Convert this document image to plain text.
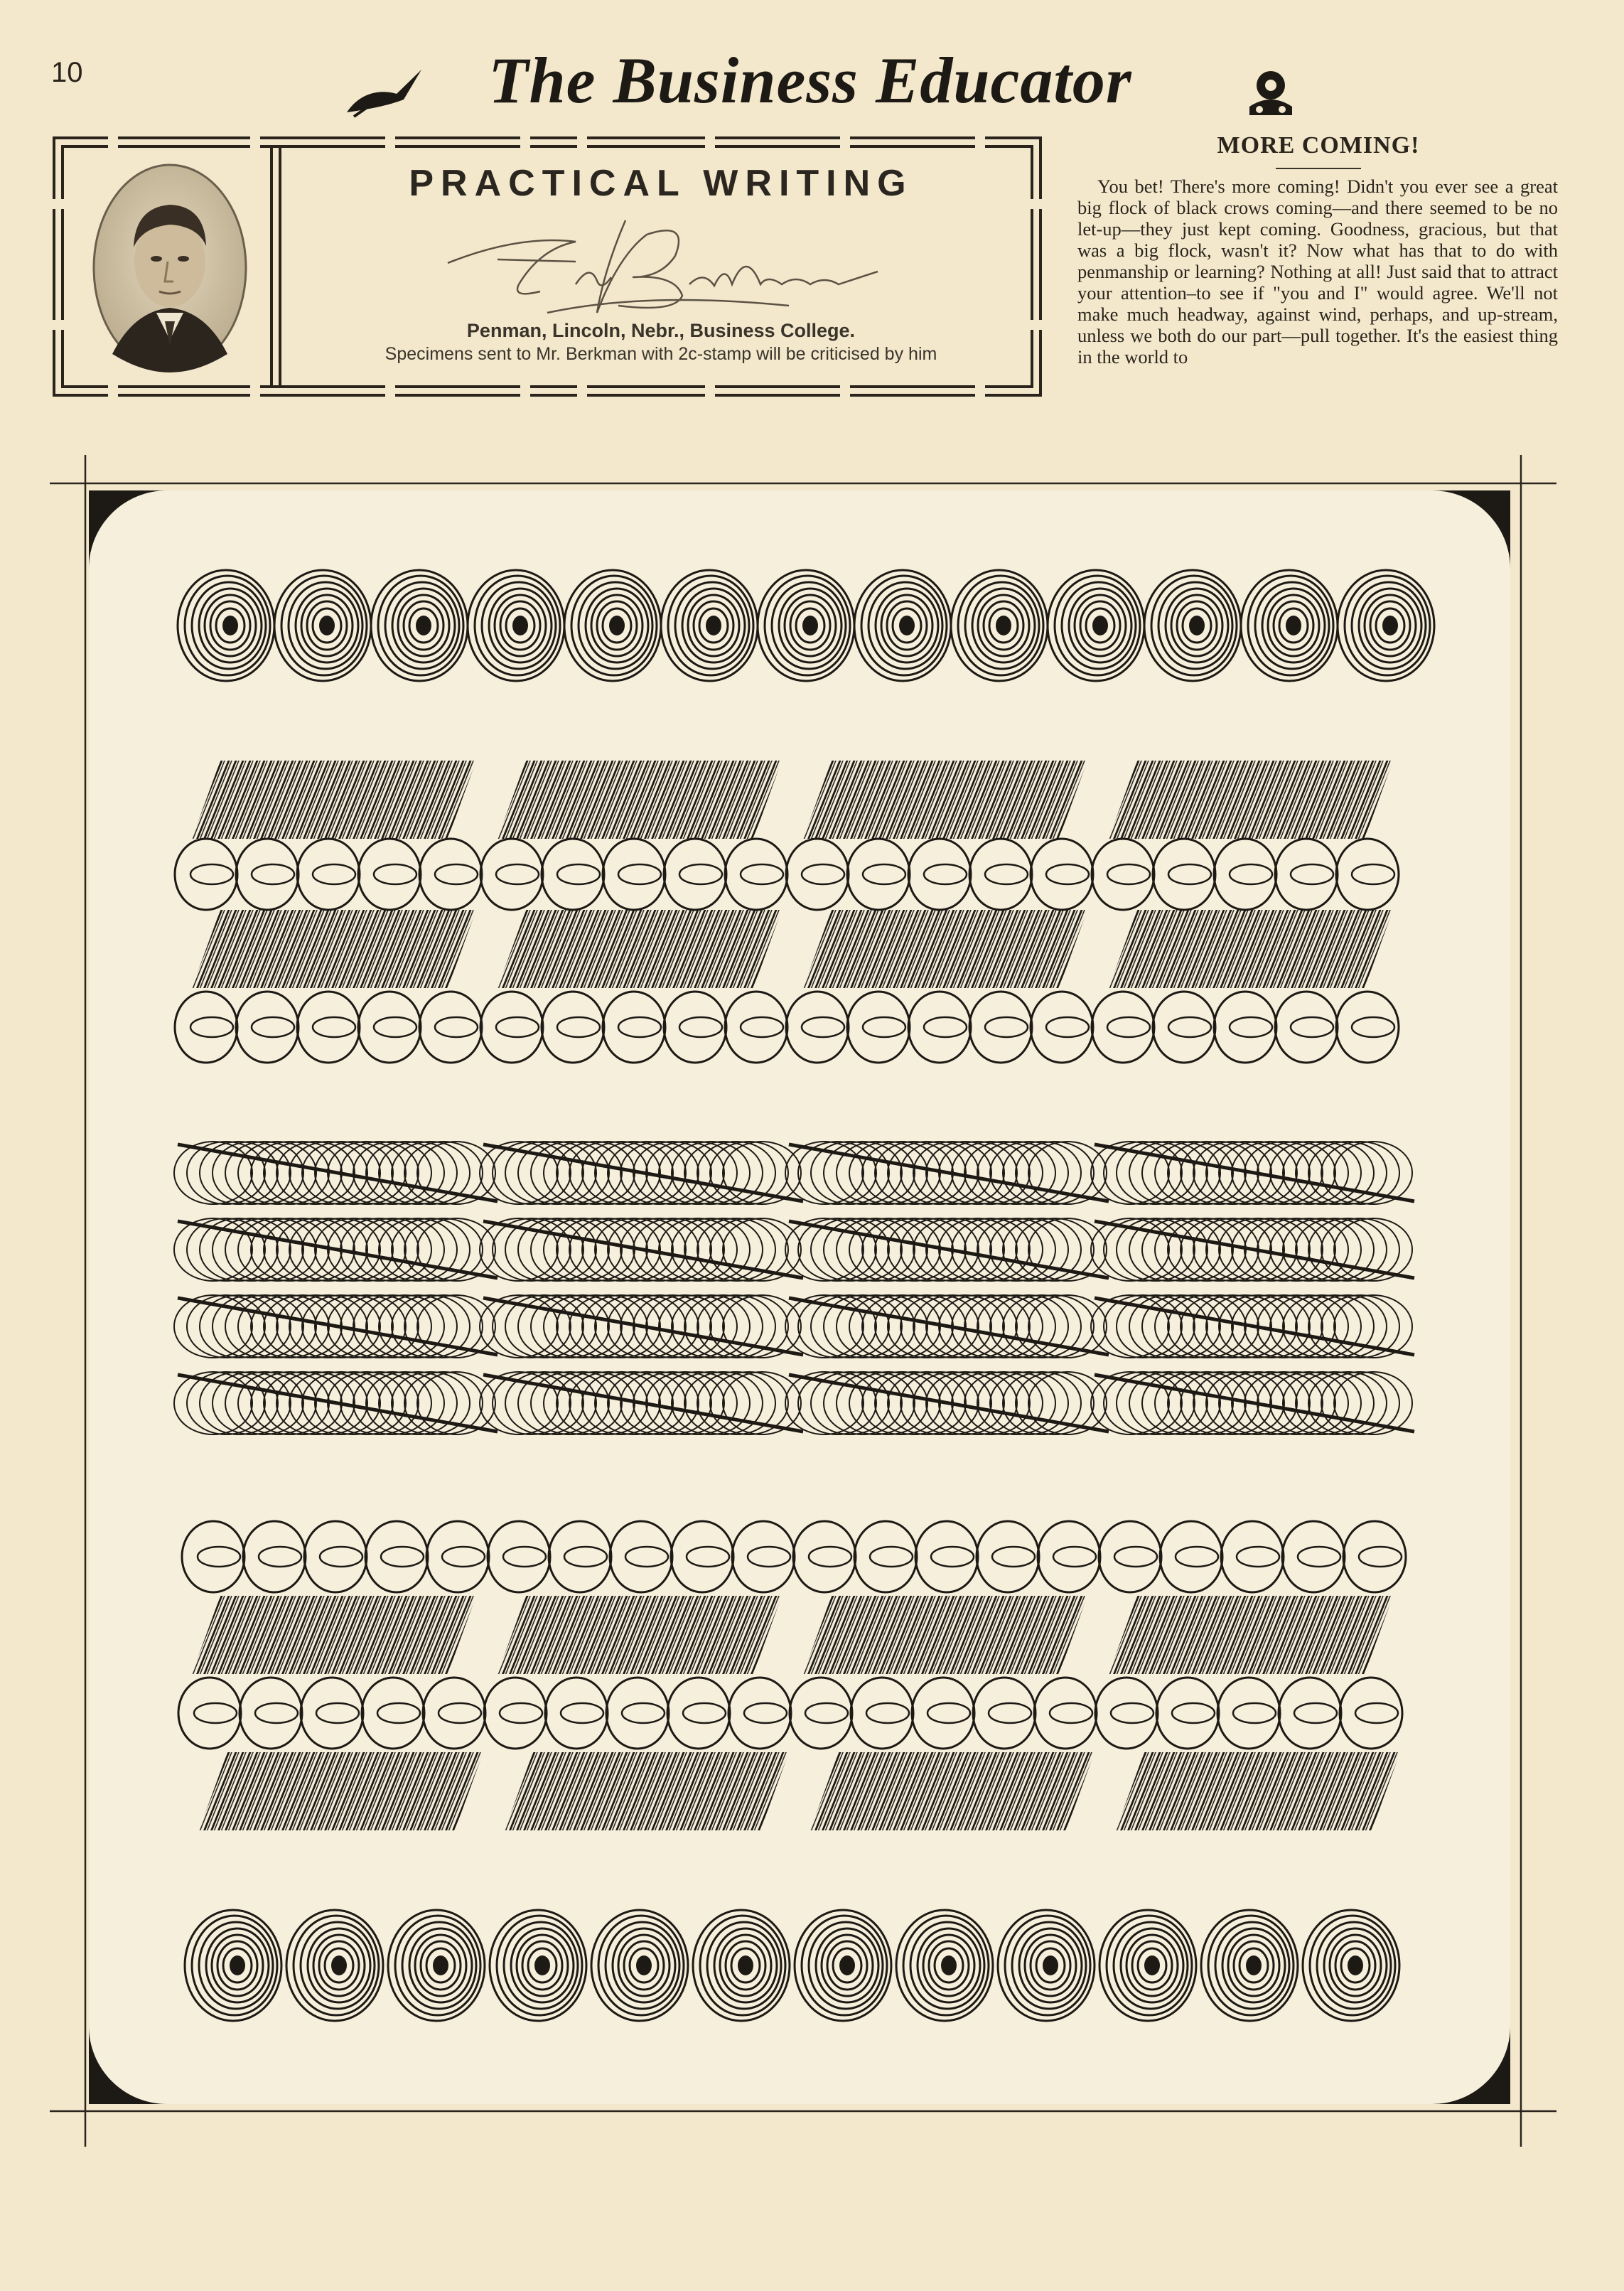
10	The Business Educator
PRACTICAL WRITING
Penman, Lincoln, Nebr., Business College.
Specimens sent to Mr. Berkman with 2c-stamp will be criticised by him
MORE COMING!
You bet! There's more coming! Didn't you ever see a great big flock of black crows coming—and there seemed to be no let-up—they just kept coming. Goodness, gracious, but that was a big flock, wasn't it? Now what has that to do with penmanship or learning? Nothing at all! Just said that to attract your attention–to see if "you and I" would agree. We'll not make much headway, against wind, perhaps, and up-stream, unless we both do our part—pull together. It's the easiest thing in the world to
